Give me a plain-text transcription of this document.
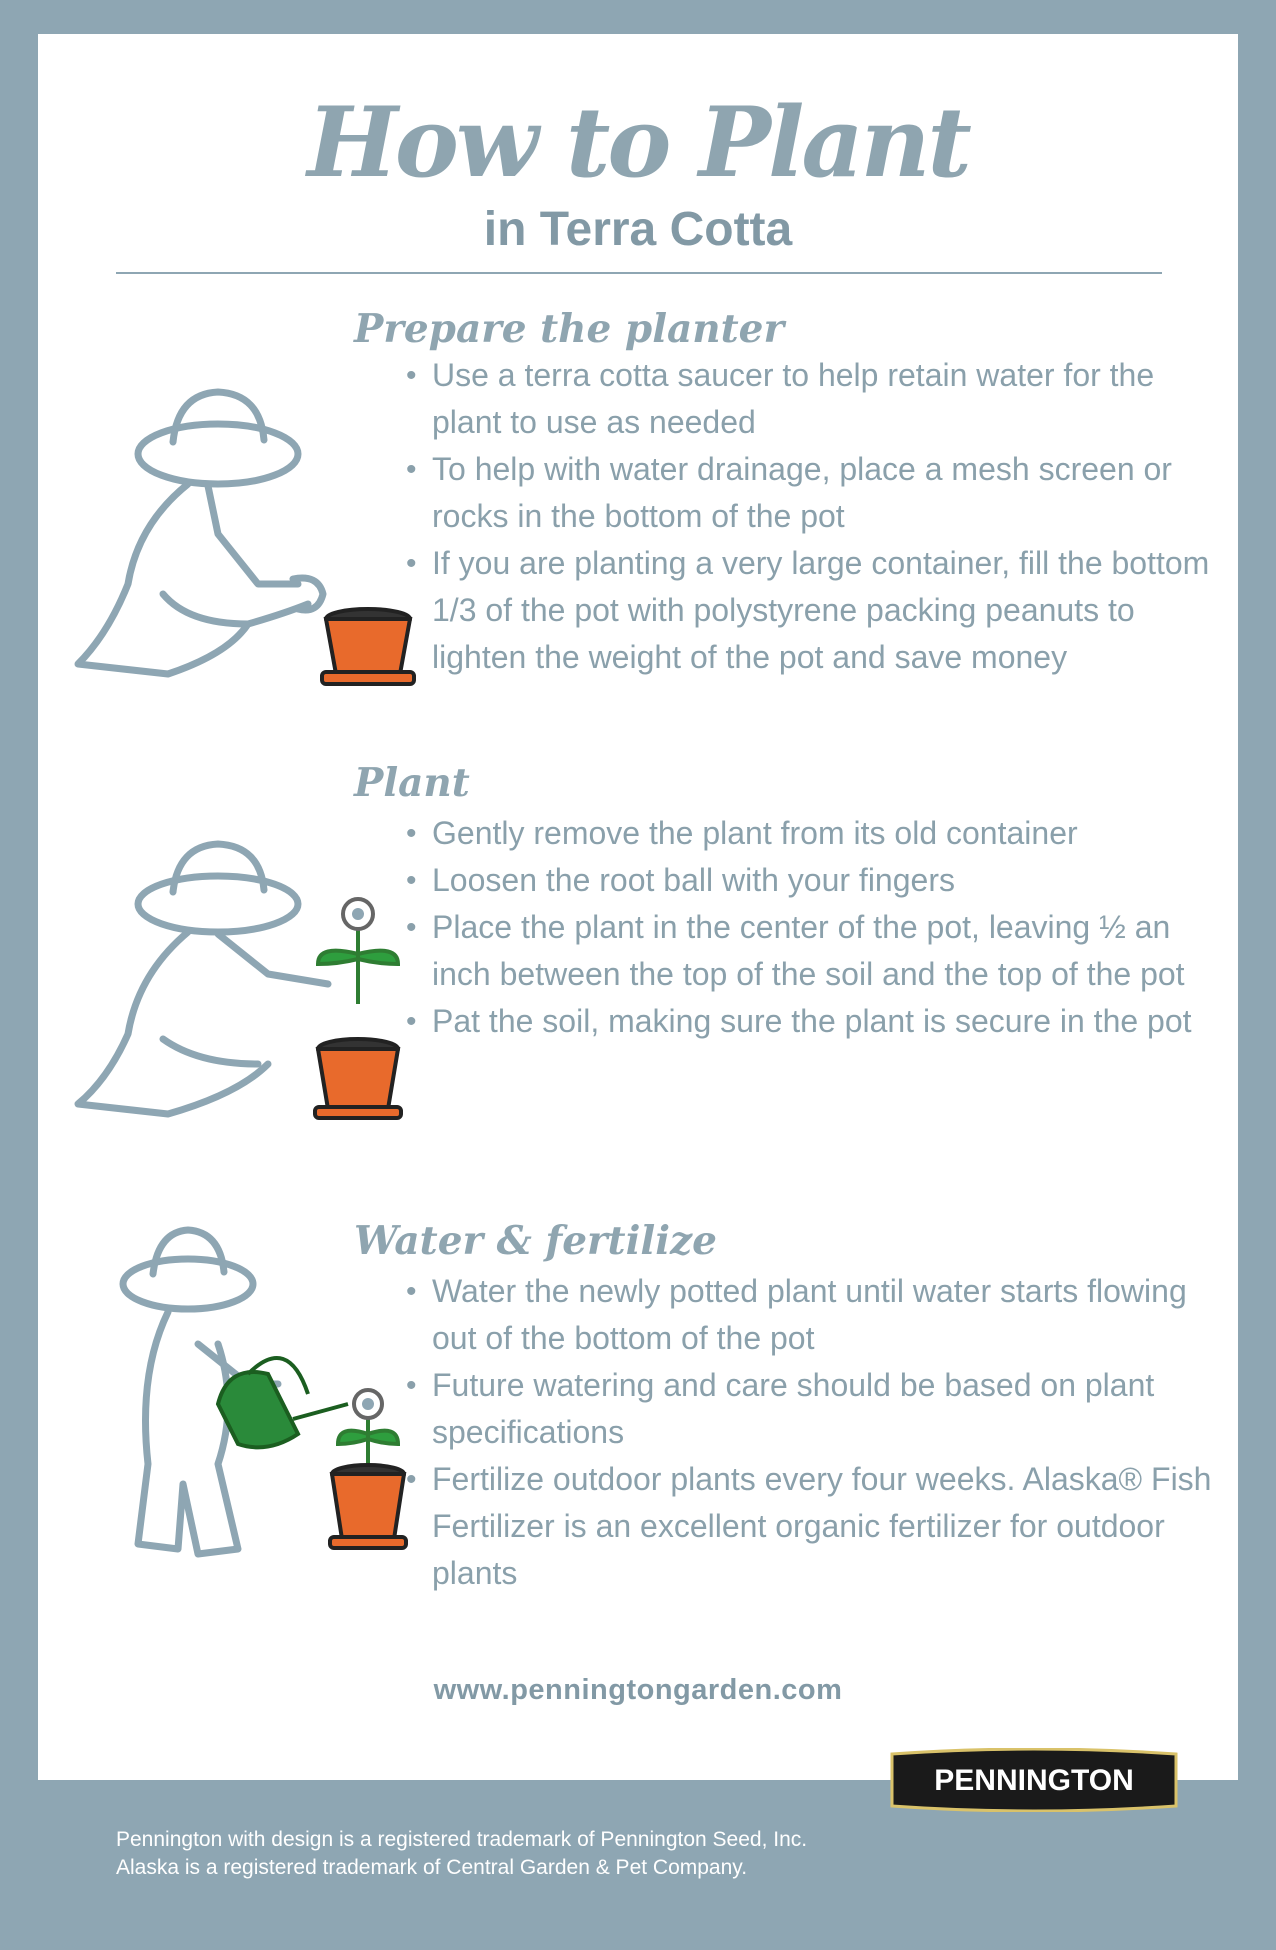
How to Plant
in Terra Cotta
Prepare the planter
• Use a terra cotta saucer to help retain water for the plant to use as needed
• To help with water drainage, place a mesh screen or rocks in the bottom of the pot
• If you are planting a very large container, fill the bottom 1/3 of the pot with polystyrene packing peanuts to lighten the weight of the pot and save money
Plant
• Gently remove the plant from its old container
• Loosen the root ball with your fingers
• Place the plant in the center of the pot, leaving ½ an inch between the top of the soil and the top of the pot
• Pat the soil, making sure the plant is secure in the pot
Water & fertilize
• Water the newly potted plant until water starts flowing out of the bottom of the pot
• Future watering and care should be based on plant specifications
• Fertilize outdoor plants every four weeks. Alaska® Fish Fertilizer is an excellent organic fertilizer for outdoor plants

www.penningtongarden.com

PENNINGTON
Pennington with design is a registered trademark of Pennington Seed, Inc.
Alaska is a registered trademark of Central Garden & Pet Company.
